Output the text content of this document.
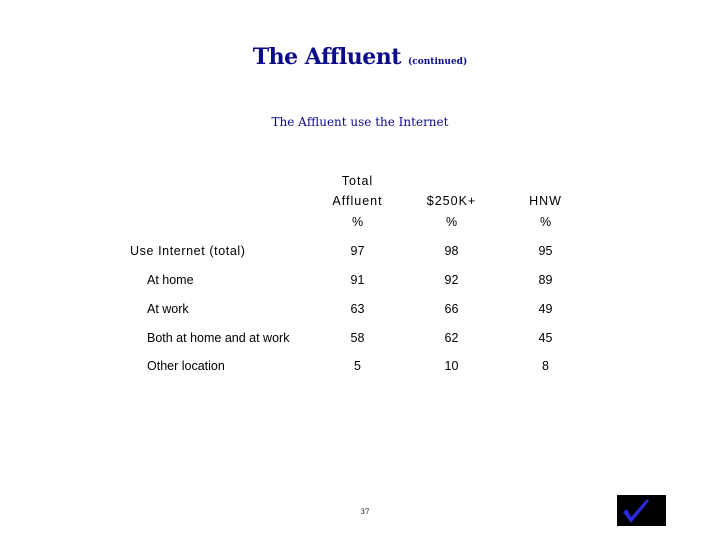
The Affluent (continued)
The Affluent use the Internet
Total
Affluent	$250K+	HNW
%	%	%
Use Internet (total)	97	98	95
At home	91	92	89
At work	63	66	49
Both at home and at work	58	62	45
Other location	5	10	8
37
